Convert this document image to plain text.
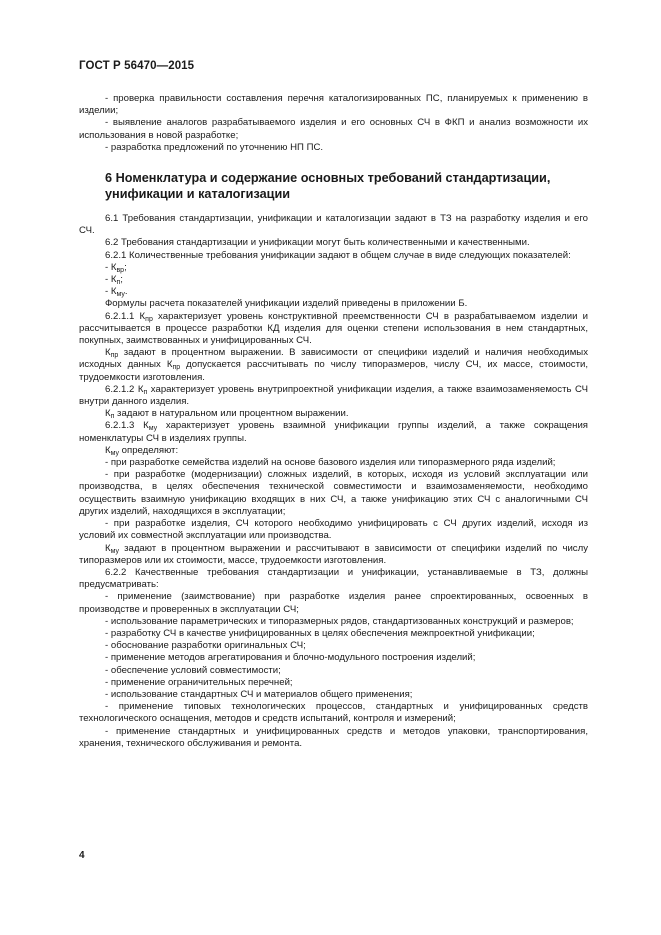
ГОСТ Р 56470—2015

- проверка правильности составления перечня каталогизированных ПС, планируемых к применению в изделии;

- выявление аналогов разрабатываемого изделия и его основных СЧ в ФКП и анализ возможности их использования в новой разработке;

- разработка предложений по уточнению НП ПС.

6 Номенклатура и содержание основных требований стандартизации, унификации и каталогизации

6.1 Требования стандартизации, унификации и каталогизации задают в ТЗ на разработку изделия и его СЧ.

6.2 Требования стандартизации и унификации могут быть количественными и качественными.

6.2.1 Количественные требования унификации задают в общем случае в виде следующих показателей:

- $К_{вр}$;

- $К_п$;

- $К_{му}$.

Формулы расчета показателей унификации изделий приведены в приложении Б.

6.2.1.1 $К_{пр}$ характеризует уровень конструктивной преемственности СЧ в разрабатываемом изделии и рассчитывается в процессе разработки КД изделия для оценки степени использования в нем стандартных, покупных, заимствованных и унифицированных СЧ.

$К_{пр}$ задают в процентном выражении. В зависимости от специфики изделий и наличия необходимых исходных данных $К_{пр}$ допускается рассчитывать по числу типоразмеров, числу СЧ, их массе, стоимости, трудоемкости изготовления.

6.2.1.2 $К_п$ характеризует уровень внутрипроектной унификации изделия, а также взаимозаменяемость СЧ внутри данного изделия.

$К_п$ задают в натуральном или процентном выражении.

6.2.1.3 $К_{му}$ характеризует уровень взаимной унификации группы изделий, а также сокращения номенклатуры СЧ в изделиях группы.

$К_{му}$ определяют:

- при разработке семейства изделий на основе базового изделия или типоразмерного ряда изделий;

- при разработке (модернизации) сложных изделий, в которых, исходя из условий эксплуатации или производства, в целях обеспечения технической совместимости и взаимозаменяемости, необходимо осуществить взаимную унификацию входящих в них СЧ, а также унификацию этих СЧ с аналогичными СЧ других изделий, находящихся в эксплуатации;

- при разработке изделия, СЧ которого необходимо унифицировать с СЧ других изделий, исходя из условий их совместной эксплуатации или производства.

$К_{му}$ задают в процентном выражении и рассчитывают в зависимости от специфики изделий по числу типоразмеров или их стоимости, массе, трудоемкости изготовления.

6.2.2 Качественные требования стандартизации и унификации, устанавливаемые в ТЗ, должны предусматривать:

- применение (заимствование) при разработке изделия ранее спроектированных, освоенных в производстве и проверенных в эксплуатации СЧ;

- использование параметрических и типоразмерных рядов, стандартизованных конструкций и размеров;

- разработку СЧ в качестве унифицированных в целях обеспечения межпроектной унификации;

- обоснование разработки оригинальных СЧ;

- применение методов агрегатирования и блочно-модульного построения изделий;

- обеспечение условий совместимости;

- применение ограничительных перечней;

- использование стандартных СЧ и материалов общего применения;

- применение типовых технологических процессов, стандартных и унифицированных средств технологического оснащения, методов и средств испытаний, контроля и измерений;

- применение стандартных и унифицированных средств и методов упаковки, транспортирования, хранения, технического обслуживания и ремонта.

4
